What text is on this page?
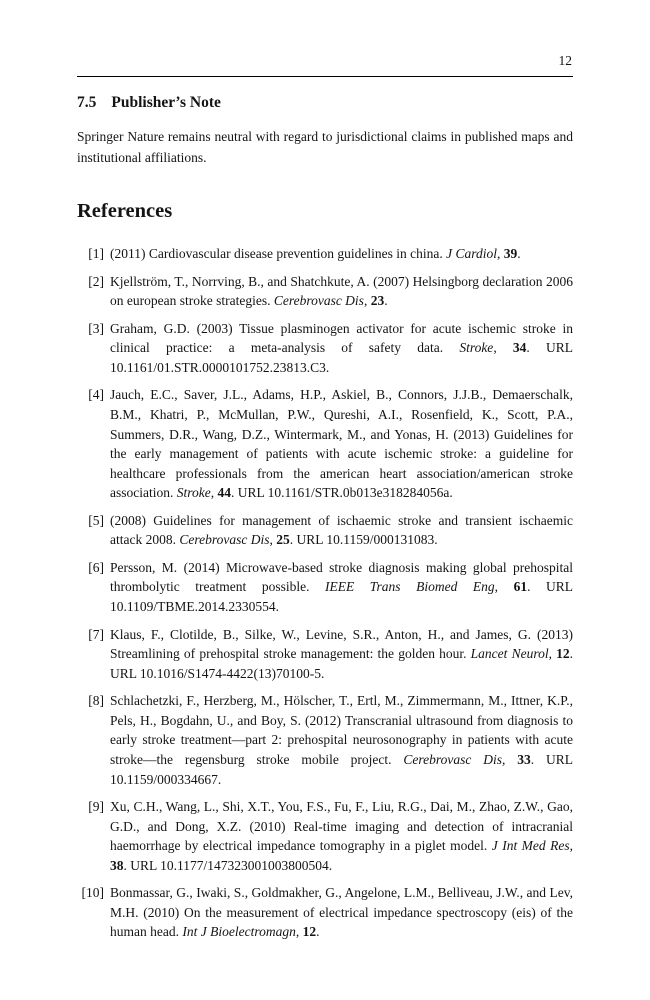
12
7.5 Publisher’s Note

Springer Nature remains neutral with regard to jurisdictional claims in published maps and institutional affiliations.

References
[1] (2011) Cardiovascular disease prevention guidelines in china. J Cardiol, 39.
[2] Kjellström, T., Norrving, B., and Shatchkute, A. (2007) Helsingborg declaration 2006 on european stroke strategies. Cerebrovasc Dis, 23.
[3] Graham, G.D. (2003) Tissue plasminogen activator for acute ischemic stroke in clinical practice: a meta-analysis of safety data. Stroke, 34. URL 10.1161/01.STR.0000101752.23813.C3.
[4] Jauch, E.C., Saver, J.L., Adams, H.P., Askiel, B., Connors, J.J.B., Demaerschalk, B.M., Khatri, P., McMullan, P.W., Qureshi, A.I., Rosenfield, K., Scott, P.A., Summers, D.R., Wang, D.Z., Wintermark, M., and Yonas, H. (2013) Guidelines for the early management of patients with acute ischemic stroke: a guideline for healthcare professionals from the american heart association/american stroke association. Stroke, 44. URL 10.1161/STR.0b013e318284056a.
[5] (2008) Guidelines for management of ischaemic stroke and transient ischaemic attack 2008. Cerebrovasc Dis, 25. URL 10.1159/000131083.
[6] Persson, M. (2014) Microwave-based stroke diagnosis making global prehospital thrombolytic treatment possible. IEEE Trans Biomed Eng, 61. URL 10.1109/TBME.2014.2330554.
[7] Klaus, F., Clotilde, B., Silke, W., Levine, S.R., Anton, H., and James, G. (2013) Streamlining of prehospital stroke management: the golden hour. Lancet Neurol, 12. URL 10.1016/S1474-4422(13)70100-5.
[8] Schlachetzki, F., Herzberg, M., Hölscher, T., Ertl, M., Zimmermann, M., Ittner, K.P., Pels, H., Bogdahn, U., and Boy, S. (2012) Transcranial ultrasound from diagnosis to early stroke treatment—part 2: prehospital neurosonography in patients with acute stroke—the regensburg stroke mobile project. Cerebrovasc Dis, 33. URL 10.1159/000334667.
[9] Xu, C.H., Wang, L., Shi, X.T., You, F.S., Fu, F., Liu, R.G., Dai, M., Zhao, Z.W., Gao, G.D., and Dong, X.Z. (2010) Real-time imaging and detection of intracranial haemorrhage by electrical impedance tomography in a piglet model. J Int Med Res, 38. URL 10.1177/147323001003800504.
[10] Bonmassar, G., Iwaki, S., Goldmakher, G., Angelone, L.M., Belliveau, J.W., and Lev, M.H. (2010) On the measurement of electrical impedance spectroscopy (eis) of the human head. Int J Bioelectromagn, 12.
